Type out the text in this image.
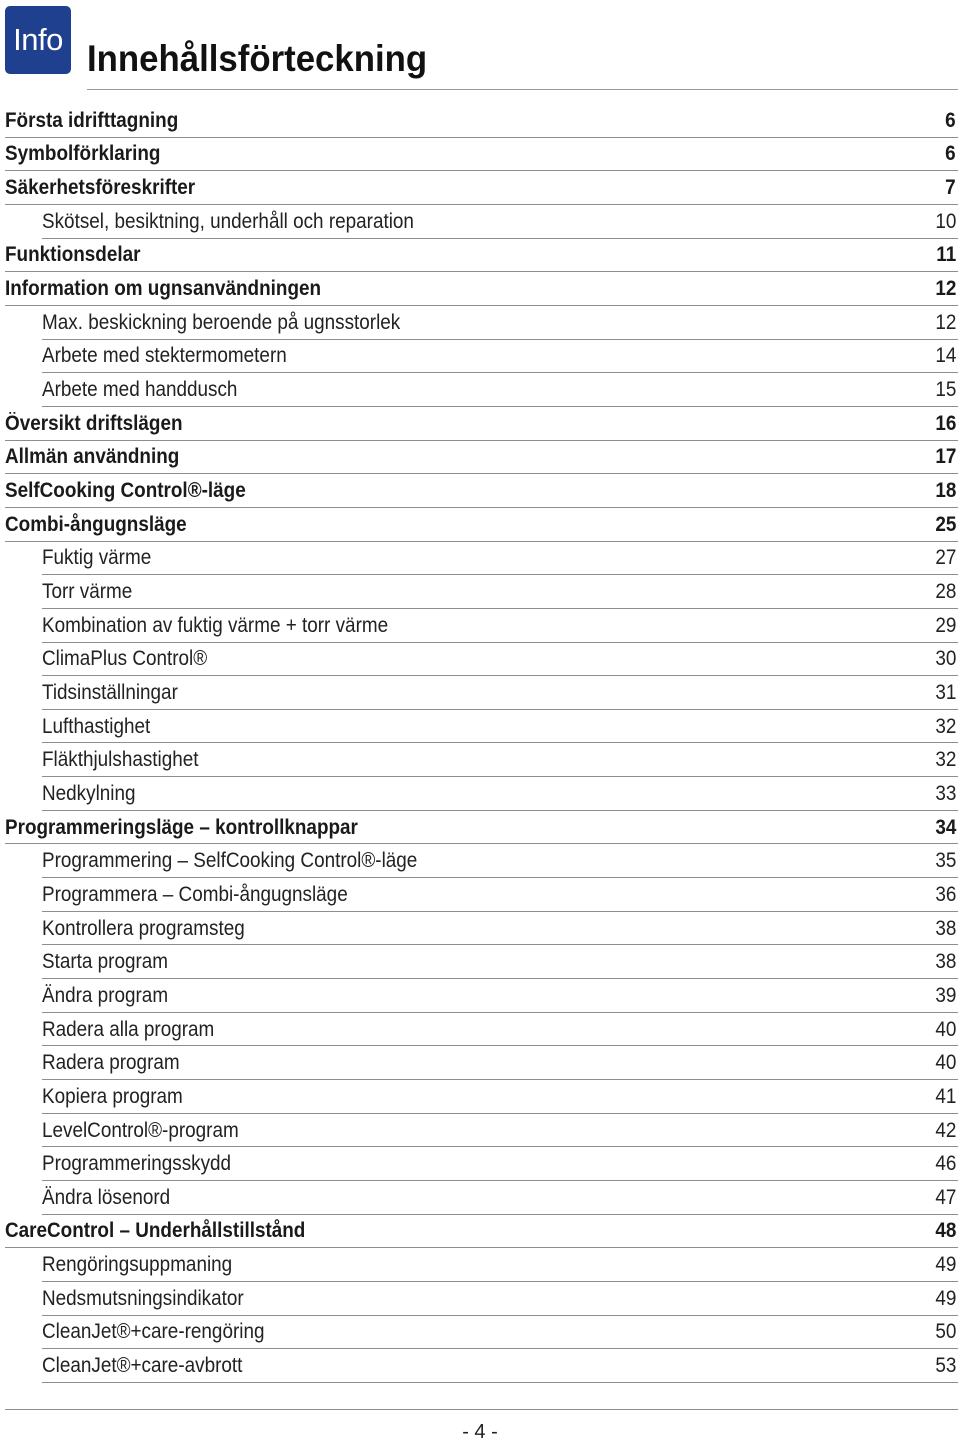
Info Innehållsförteckning
Första idrifttagning	6
Symbolförklaring	6
Säkerhetsföreskrifter	7
Skötsel, besiktning, underhåll och reparation	10
Funktionsdelar	11
Information om ugnsanvändningen	12
Max. beskickning beroende på ugnsstorlek	12
Arbete med stektermometern	14
Arbete med handdusch	15
Översikt driftslägen	16
Allmän användning	17
SelfCooking Control®-läge	18
Combi-ångugnsläge	25
Fuktig värme	27
Torr värme	28
Kombination av fuktig värme + torr värme	29
ClimaPlus Control®	30
Tidsinställningar	31
Lufthastighet	32
Fläkthjulshastighet	32
Nedkylning	33
Programmeringsläge – kontrollknappar	34
Programmering – SelfCooking Control®-läge	35
Programmera – Combi-ångugnsläge	36
Kontrollera programsteg	38
Starta program	38
Ändra program	39
Radera alla program	40
Radera program	40
Kopiera program	41
LevelControl®-program	42
Programmeringsskydd	46
Ändra lösenord	47
CareControl – Underhållstillstånd	48
Rengöringsuppmaning	49
Nedsmutsningsindikator	49
CleanJet®+care-rengöring	50
CleanJet®+care-avbrott	53
- 4 -
